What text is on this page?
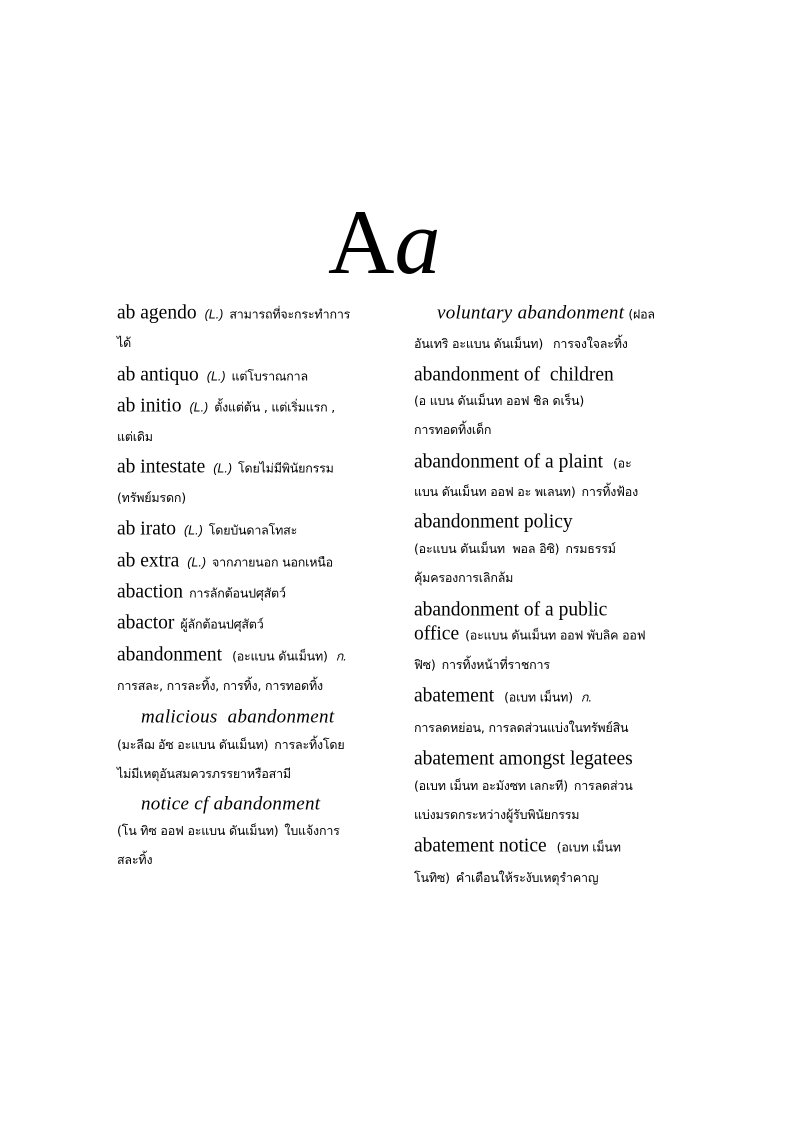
Aa
ab agendo (L.) สามารถที่จะกระทำการ
ได้
ab antiquo (L.) แต่โบราณกาล
ab initio (L.) ตั้งแต่ต้น , แต่เริ่มแรก ,
แต่เดิม
ab intestate (L.) โดยไม่มีพินัยกรรม
(ทรัพย์มรดก)
ab irato (L.) โดยบันดาลโทสะ
ab extra (L.) จากภายนอก นอกเหนือ
abaction การลักต้อนปศุสัตว์
abactor ผู้ลักต้อนปศุสัตว์
abandonment (อะแบน ดันเม็นท) ก.
การสละ, การละทิ้ง, การทิ้ง, การทอดทิ้ง
malicious  abandonment
(มะลีฌ อัซ อะแบน ดันเม็นท) การละทิ้งโดย
ไม่มีเหตุอันสมควรภรรยาหรือสามี
notice cf abandonment
(โน ทิซ ออฟ อะแบน ดันเม็นท) ใบแจ้งการ
สละทิ้ง
voluntary abandonment (ฝอล
อันเทริ อะแบน ดันเม็นท) การจงใจละทิ้ง
abandonment of  children
(อ แบน ดันเม็นท ออฟ ชิล ดเร็น)
การทอดทิ้งเด็ก
abandonment of a plaint (อะ
แบน ดันเม็นท ออฟ อะ พเลนท) การทิ้งฟ้อง
abandonment policy
(อะแบน ดันเม็นท  พอล อิซิ) กรมธรรม์
คุ้มครองการเลิกล้ม
abandonment of a public
office (อะแบน ดันเม็นท ออฟ พับลิค ออฟ
ฟิซ) การทิ้งหน้าที่ราชการ
abatement (อเบท เม็นท) ก.
การลดหย่อน, การลดส่วนแบ่งในทรัพย์สิน
abatement amongst legatees
(อเบท เม็นท อะมังซท เลกะที) การลดส่วน
แบ่งมรดกระหว่างผู้รับพินัยกรรม
abatement notice (อเบท เม็นท
โนทิซ) คำเตือนให้ระงับเหตุรำคาญ
